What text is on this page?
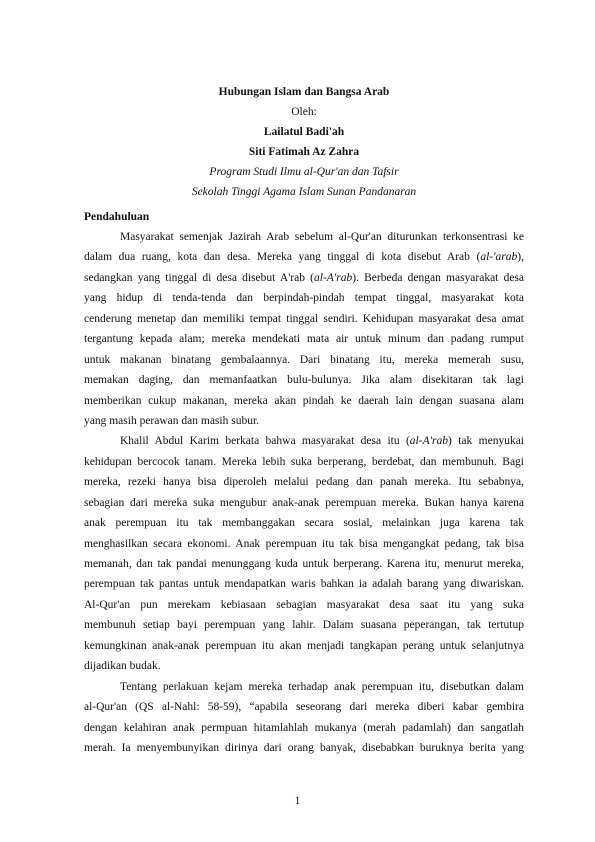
Hubungan Islam dan Bangsa Arab
Oleh:
Lailatul Badi'ah
Siti Fatimah Az Zahra
Program Studi Ilmu al-Qur'an dan Tafsir
Sekolah Tinggi Agama Islam Sunan Pandanaran
Pendahuluan
Masyarakat semenjak Jazirah Arab sebelum al-Qur'an diturunkan terkonsentrasi ke
dalam dua ruang, kota dan desa. Mereka yang tinggal di kota disebut Arab (al-'arab),
sedangkan yang tinggal di desa disebut A'rab (al-A'rab). Berbeda dengan masyarakat desa
yang hidup di tenda-tenda dan berpindah-pindah tempat tinggal, masyarakat kota
cenderung menetap dan memiliki tempat tinggal sendiri. Kehidupan masyarakat desa amat
tergantung kepada alam; mereka mendekati mata air untuk minum dan padang rumput
untuk makanan binatang gembalaannya. Dari binatang itu, mereka memerah susu,
memakan daging, dan memanfaatkan bulu-bulunya. Jika alam disekitaran tak lagi
memberikan cukup makanan, mereka akan pindah ke daerah lain dengan suasana alam
yang masih perawan dan masih subur.
Khalil Abdul Karim berkata bahwa masyarakat desa itu (al-A'rab) tak menyukai
kehidupan bercocok tanam. Mereka lebih suka berperang, berdebat, dan membunuh. Bagi
mereka, rezeki hanya bisa diperoleh melalui pedang dan panah mereka. Itu sebabnya,
sebagian dari mereka suka mengubur anak-anak perempuan mereka. Bukan hanya karena
anak perempuan itu tak membanggakan secara sosial, melainkan juga karena tak
menghasilkan secara ekonomi. Anak perempuan itu tak bisa mengangkat pedang, tak bisa
memanah, dan tak pandai menunggang kuda untuk berperang. Karena itu, menurut mereka,
perempuan tak pantas untuk mendapatkan waris bahkan ia adalah barang yang diwariskan.
Al-Qur'an pun merekam kebiasaan sebagian masyarakat desa saat itu yang suka
membunuh setiap bayi perempuan yang lahir. Dalam suasana peperangan, tak tertutup
kemungkinan anak-anak perempuan itu akan menjadi tangkapan perang untuk selanjutnya
dijadikan budak.
Tentang perlakuan kejam mereka terhadap anak perempuan itu, disebutkan dalam
al-Qur'an (QS al-Nahl: 58-59), “apabila seseorang dari mereka diberi kabar gembira
dengan kelahiran anak permpuan hitamlahlah mukanya (merah padamlah) dan sangatlah
merah. Ia menyembunyikan dirinya dari orang banyak, disebabkan buruknya berita yang
1
